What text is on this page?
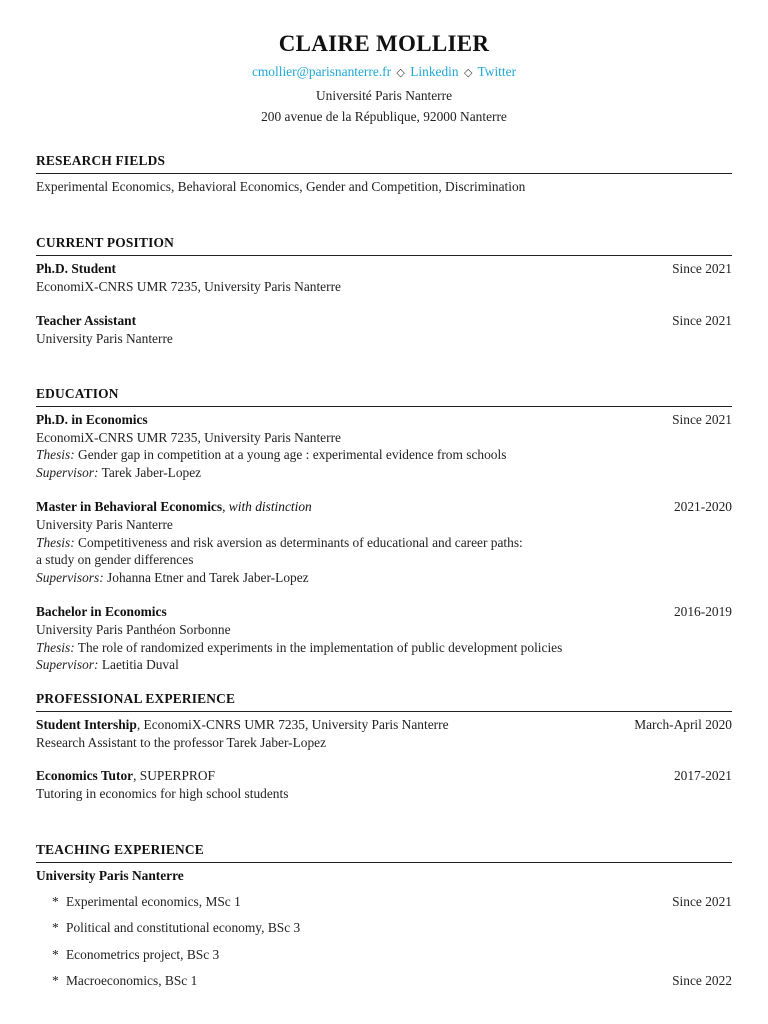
CLAIRE MOLLIER
cmollier@parisnanterre.fr ◇ Linkedin ◇ Twitter
Université Paris Nanterre
200 avenue de la République, 92000 Nanterre
RESEARCH FIELDS
Experimental Economics, Behavioral Economics, Gender and Competition, Discrimination
CURRENT POSITION
Ph.D. Student	Since 2021
EconomiX-CNRS UMR 7235, University Paris Nanterre
Teacher Assistant	Since 2021
University Paris Nanterre
EDUCATION
Ph.D. in Economics	Since 2021
EconomiX-CNRS UMR 7235, University Paris Nanterre
Thesis: Gender gap in competition at a young age : experimental evidence from schools
Supervisor: Tarek Jaber-Lopez
Master in Behavioral Economics, with distinction	2021-2020
University Paris Nanterre
Thesis: Competitiveness and risk aversion as determinants of educational and career paths:
a study on gender differences
Supervisors: Johanna Etner and Tarek Jaber-Lopez
Bachelor in Economics	2016-2019
University Paris Panthéon Sorbonne
Thesis: The role of randomized experiments in the implementation of public development policies
Supervisor: Laetitia Duval
PROFESSIONAL EXPERIENCE
Student Intership, EconomiX-CNRS UMR 7235, University Paris Nanterre	March-April 2020
Research Assistant to the professor Tarek Jaber-Lopez
Economics Tutor, SUPERPROF	2017-2021
Tutoring in economics for high school students
TEACHING EXPERIENCE
University Paris Nanterre
* Experimental economics, MSc 1	Since 2021
* Political and constitutional economy, BSc 3
* Econometrics project, BSc 3
* Macroeconomics, BSc 1	Since 2022
